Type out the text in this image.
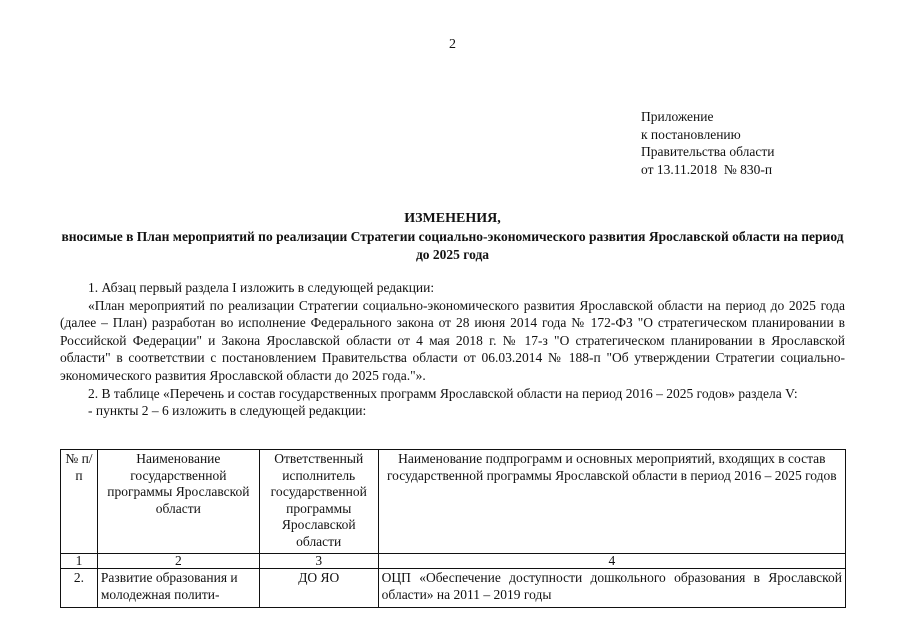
2
Приложение
к постановлению
Правительства области
от 13.11.2018  № 830-п
ИЗМЕНЕНИЯ,
вносимые в План мероприятий по реализации Стратегии социально-экономического развития Ярославской области на период до 2025 года

1. Абзац первый раздела I изложить в следующей редакции:

«План мероприятий по реализации Стратегии социально-экономического развития Ярославской области на период до 2025 года (далее – План) разработан во исполнение Федерального закона от 28 июня 2014 года № 172-ФЗ "О стратегическом планировании в Российской Федерации" и Закона Ярославской области от 4 мая 2018 г. № 17-з "О стратегическом планировании в Ярославской области" в соответствии с постановлением Правительства области от 06.03.2014 № 188-п "Об утверждении Стратегии социально-экономического развития Ярославской области до 2025 года."».

2. В таблице «Перечень и состав государственных программ Ярославской области на период 2016 – 2025 годов» раздела V:

- пункты 2 – 6 изложить в следующей редакции:

№ п/п	Наименование государственной программы Ярославской области	Ответственный исполнитель государственной программы Ярославской области	Наименование подпрограмм и основных мероприятий, входящих в состав государственной программы Ярославской области в период 2016 – 2025 годов
1	2	3	4
2.	Развитие образования и молодежная полити-	ДО ЯО	ОЦП «Обеспечение доступности дошкольного образования в Ярославской области» на 2011 – 2019 годы
